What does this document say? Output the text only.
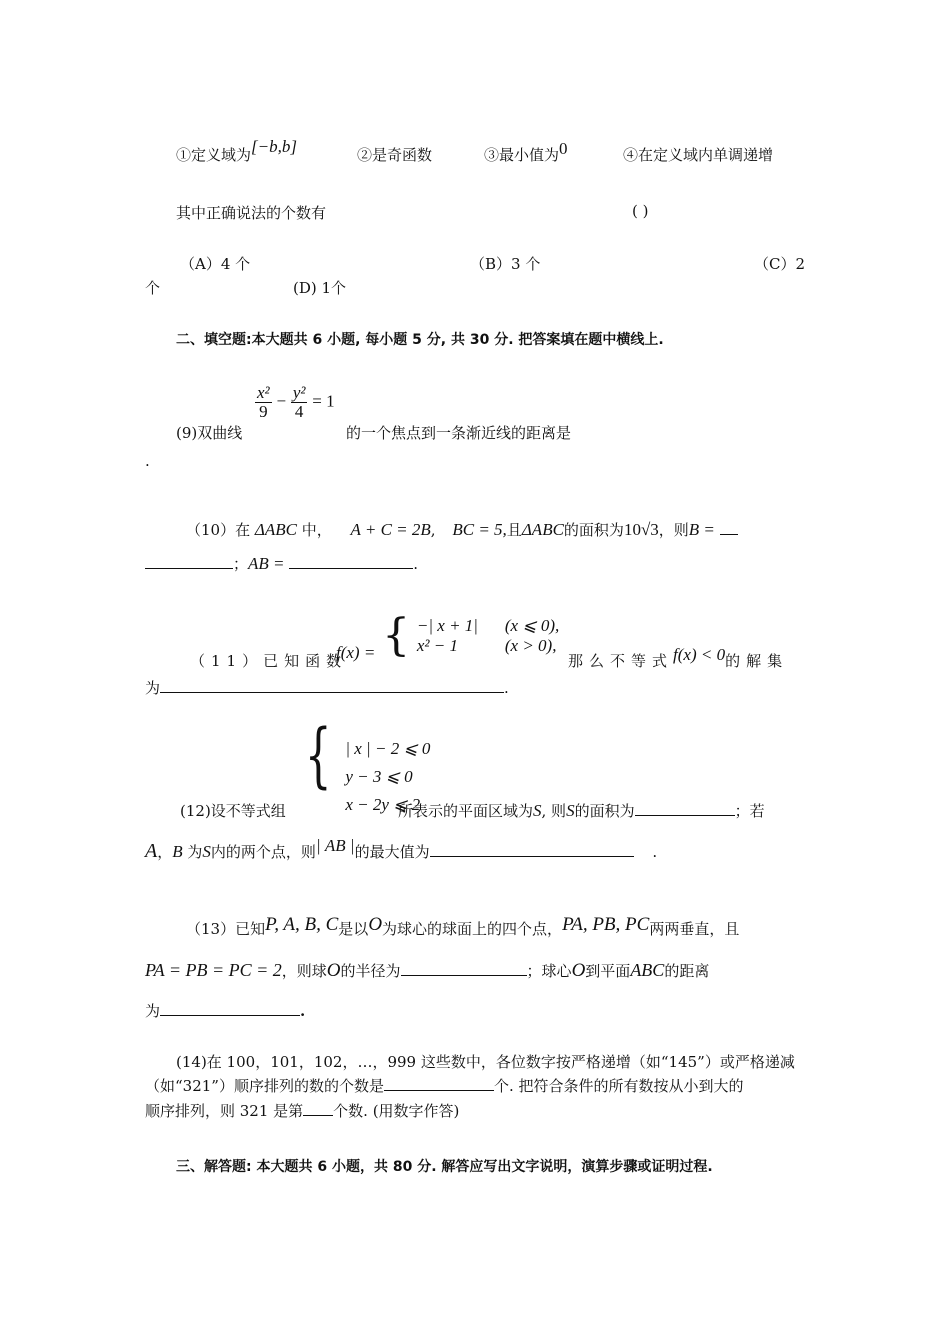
①定义域为[−b,b]	②是奇函数	③最小值为0	④在定义域内单调递增
其中正确说法的个数有	( )
（A）4 个	（B）3 个	（C）2
个	(D) 1个
二、填空题:本大题共 6 小题, 每小题 5 分, 共 30 分. 把答案填在题中横线上.
(9)双曲线
$\frac{\text{x²}}{9} - \frac{\text{y²}}{4} = 1$
的一个焦点到一条渐近线的距离是
.
（10）在 ΔABC 中， A + C = 2B, BC = 5,且ΔABC的面积为10√3，则B =
；AB =	.
f(x) = { −| x + 1| (x ⩽ 0),
x² − 1	(x > 0),
（11）已知函数	那么不等式f(x) < 0的解集
为	.
{ | x | − 2 ⩽ 0
y − 3 ⩽ 0
x − 2y ⩽ 2
(12)设不等式组	所表示的平面区域为S, 则S的面积为	；若
A，B 为S内的两个点，则| AB |的最大值为	.
（13）已知P, A, B, C是以O为球心的球面上的四个点，PA, PB, PC两两垂直，且
PA = PB = PC = 2，则球O的半径为	；球心O到平面ABC的距离
为	.
(14)在 100，101，102，…，999 这些数中，各位数字按严格递增（如“145”）或严格递减
（如“321”）顺序排列的数的个数是	个. 把符合条件的所有数按从小到大的
顺序排列，则 321 是第 个数. (用数字作答)
三、解答题: 本大题共 6 小题，共 80 分. 解答应写出文字说明，演算步骤或证明过程.
